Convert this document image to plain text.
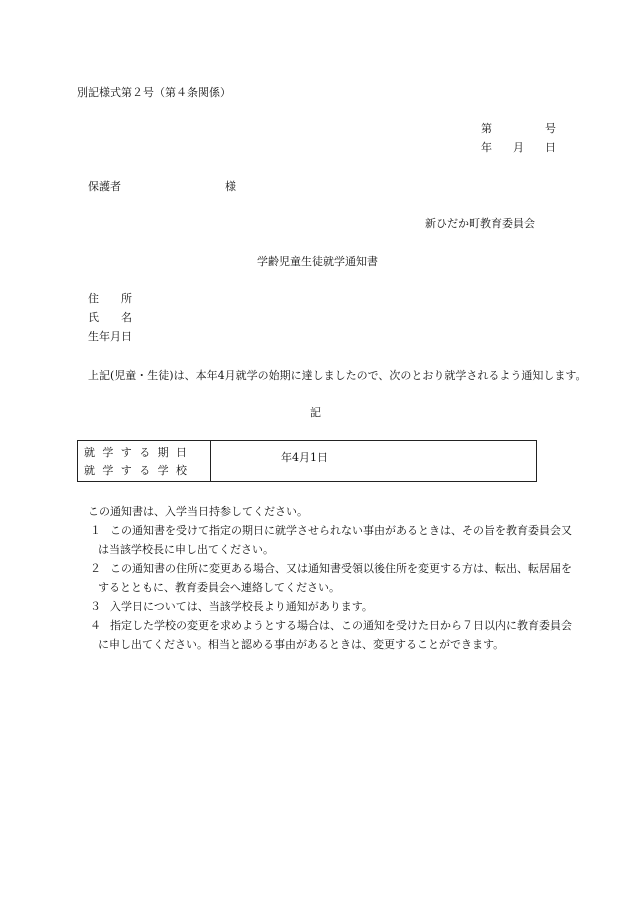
別記様式第２号（第４条関係）
第	号
年 月 日
保護者	様
新ひだか町教育委員会
学齢児童生徒就学通知書
住　　所
氏　　名
生年月日
上記(児童・生徒)は、本年4月就学の始期に達しましたので、次のとおり就学されるよう通知します。
記
就学する期日
就学する学校
年4月1日
この通知書は、入学当日持参してください。
１ この通知書を受けて指定の期日に就学させられない事由があるときは、その旨を教育委員会又
は当該学校長に申し出てください。
２ この通知書の住所に変更ある場合、又は通知書受領以後住所を変更する方は、転出、転居届を
するとともに、教育委員会へ連絡してください。
３ 入学日については、当該学校長より通知があります。
４ 指定した学校の変更を求めようとする場合は、この通知を受けた日から７日以内に教育委員会
に申し出てください。相当と認める事由があるときは、変更することができます。
